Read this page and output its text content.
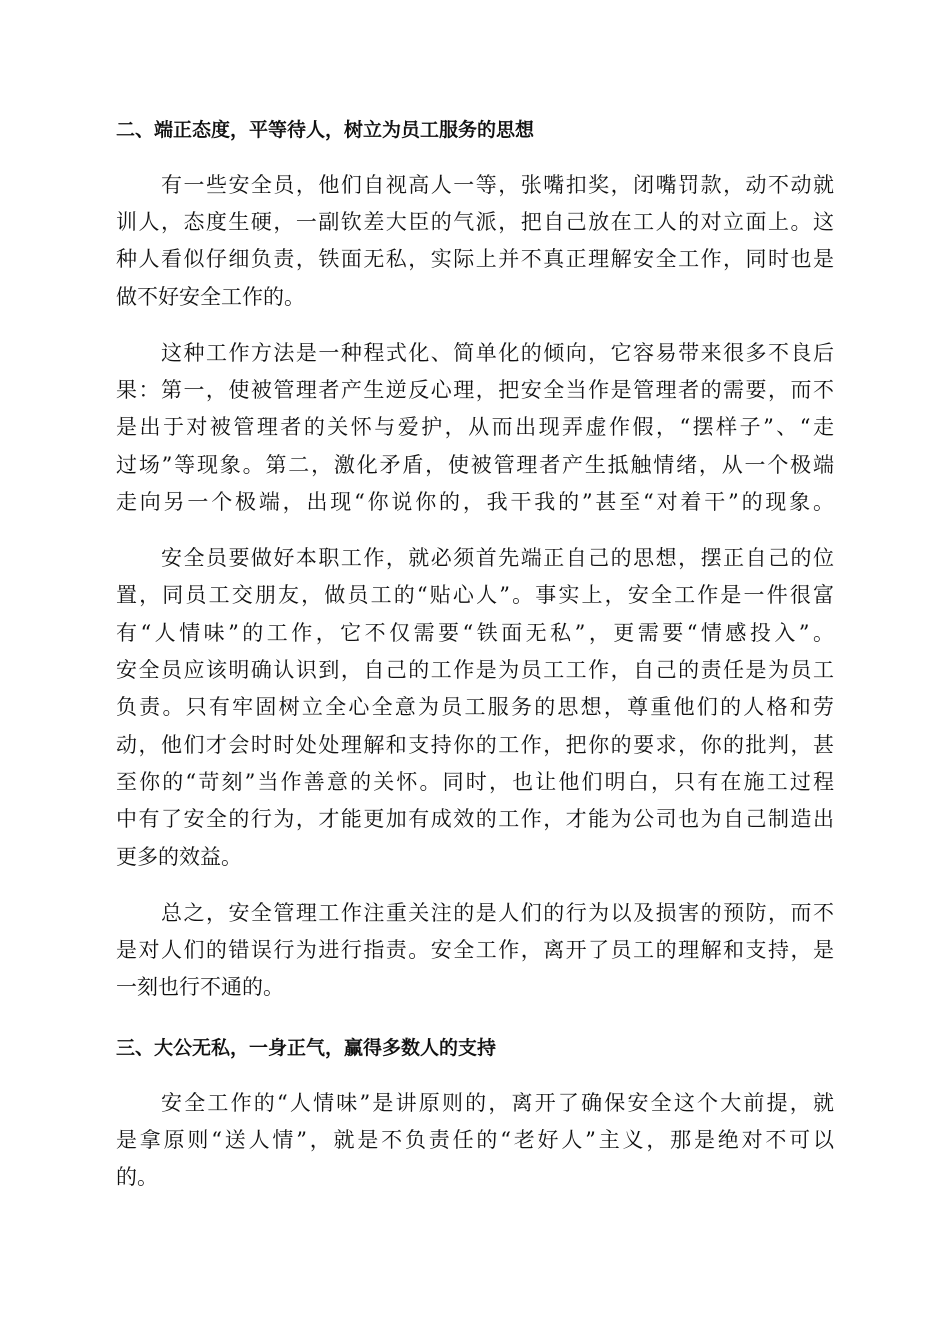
二、端正态度，平等待人，树立为员工服务的思想
有一些安全员，他们自视高人一等，张嘴扣奖，闭嘴罚款，动不动就
训人，态度生硬，一副钦差大臣的气派，把自己放在工人的对立面上。这
种人看似仔细负责，铁面无私，实际上并不真正理解安全工作，同时也是
做不好安全工作的。
这种工作方法是一种程式化、简单化的倾向，它容易带来很多不良后
果：第一，使被管理者产生逆反心理，把安全当作是管理者的需要，而不
是出于对被管理者的关怀与爱护，从而出现弄虚作假，“摆样子”、“走
过场”等现象。第二，激化矛盾，使被管理者产生抵触情绪，从一个极端
走向另一个极端，出现“你说你的，我干我的”甚至“对着干”的现象。
安全员要做好本职工作，就必须首先端正自己的思想，摆正自己的位
置，同员工交朋友，做员工的“贴心人”。事实上，安全工作是一件很富
有“人情味”的工作，它不仅需要“铁面无私”，更需要“情感投入”。
安全员应该明确认识到，自己的工作是为员工工作，自己的责任是为员工
负责。只有牢固树立全心全意为员工服务的思想，尊重他们的人格和劳
动，他们才会时时处处理解和支持你的工作，把你的要求，你的批判，甚
至你的“苛刻”当作善意的关怀。同时，也让他们明白，只有在施工过程
中有了安全的行为，才能更加有成效的工作，才能为公司也为自己制造出
更多的效益。
总之，安全管理工作注重关注的是人们的行为以及损害的预防，而不
是对人们的错误行为进行指责。安全工作，离开了员工的理解和支持，是
一刻也行不通的。
三、大公无私，一身正气，赢得多数人的支持
安全工作的“人情味”是讲原则的，离开了确保安全这个大前提，就
是拿原则“送人情”，就是不负责任的“老好人”主义，那是绝对不可以
的。
